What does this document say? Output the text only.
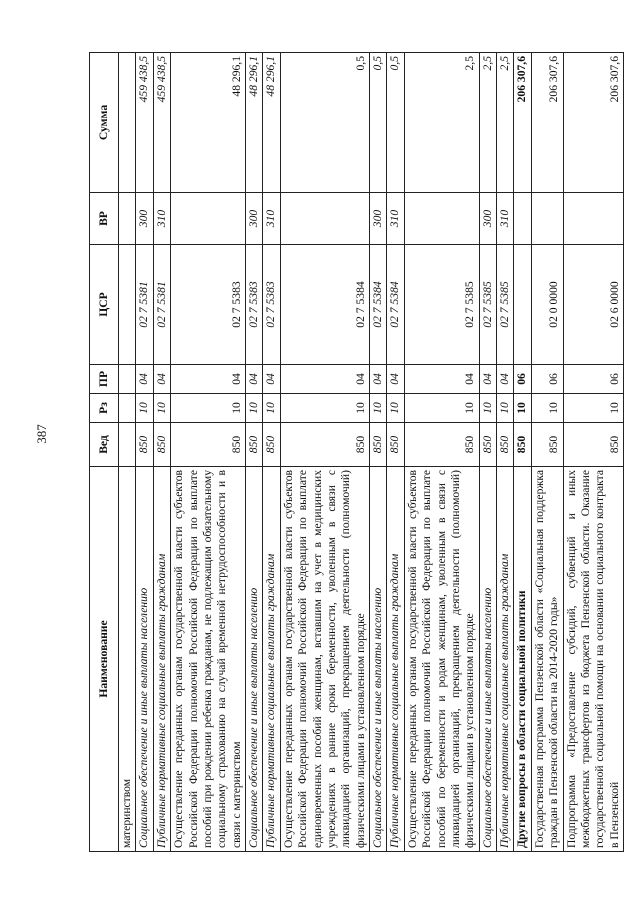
387
Наименование	Вед	Рз	ПР	ЦСР	ВР	Сумма
материнством						
Социальное обеспечение и иные выплаты населению	850	10	04	02 7 5381	300	459 438,5
Публичные нормативные социальные выплаты гражданам	850	10	04	02 7 5381	310	459 438,5
Осуществление переданных органам государственной власти субъектов Российской Федерации полномочий Российской Федерации по выплате пособий при рождении ребенка гражданам, не подлежащим обязательному социальному страхованию на случай временной нетрудоспособности и в связи с материнством	850	10	04	02 7 5383		48 296,1
Социальное обеспечение и иные выплаты населению	850	10	04	02 7 5383	300	48 296,1
Публичные нормативные социальные выплаты гражданам	850	10	04	02 7 5383	310	48 296,1
Осуществление переданных органам государственной власти субъектов Российской Федерации полномочий Российской Федерации по выплате единовременных пособий женщинам, вставшим на учет в медицинских учреждениях в ранние сроки беременности, уволенным в связи с ликвидацией организаций, прекращением деятельности (полномочий) физическими лицами в установленном порядке	850	10	04	02 7 5384		0,5
Социальное обеспечение и иные выплаты населению	850	10	04	02 7 5384	300	0,5
Публичные нормативные социальные выплаты гражданам	850	10	04	02 7 5384	310	0,5
Осуществление переданных органам государственной власти субъектов Российской Федерации полномочий Российской Федерации по выплате пособий по беременности и родам женщинам, уволенным в связи с ликвидацией организаций, прекращением деятельности (полномочий) физическими лицами в установленном порядке	850	10	04	02 7 5385		2,5
Социальное обеспечение и иные выплаты населению	850	10	04	02 7 5385	300	2,5
Публичные нормативные социальные выплаты гражданам	850	10	04	02 7 5385	310	2,5
Другие вопросы в области социальной политики	850	10	06			206 307,6
Государственная программа Пензенской области «Социальная поддержка граждан в Пензенской области на 2014-2020 годы»	850	10	06	02 0 0000		206 307,6
Подпрограмма «Предоставление субсидий, субвенций и иных межбюджетных трансфертов из бюджета Пензенской области. Оказание государственной социальной помощи на основании социального контракта в Пензенской	850	10	06	02 6 0000		206 307,6
